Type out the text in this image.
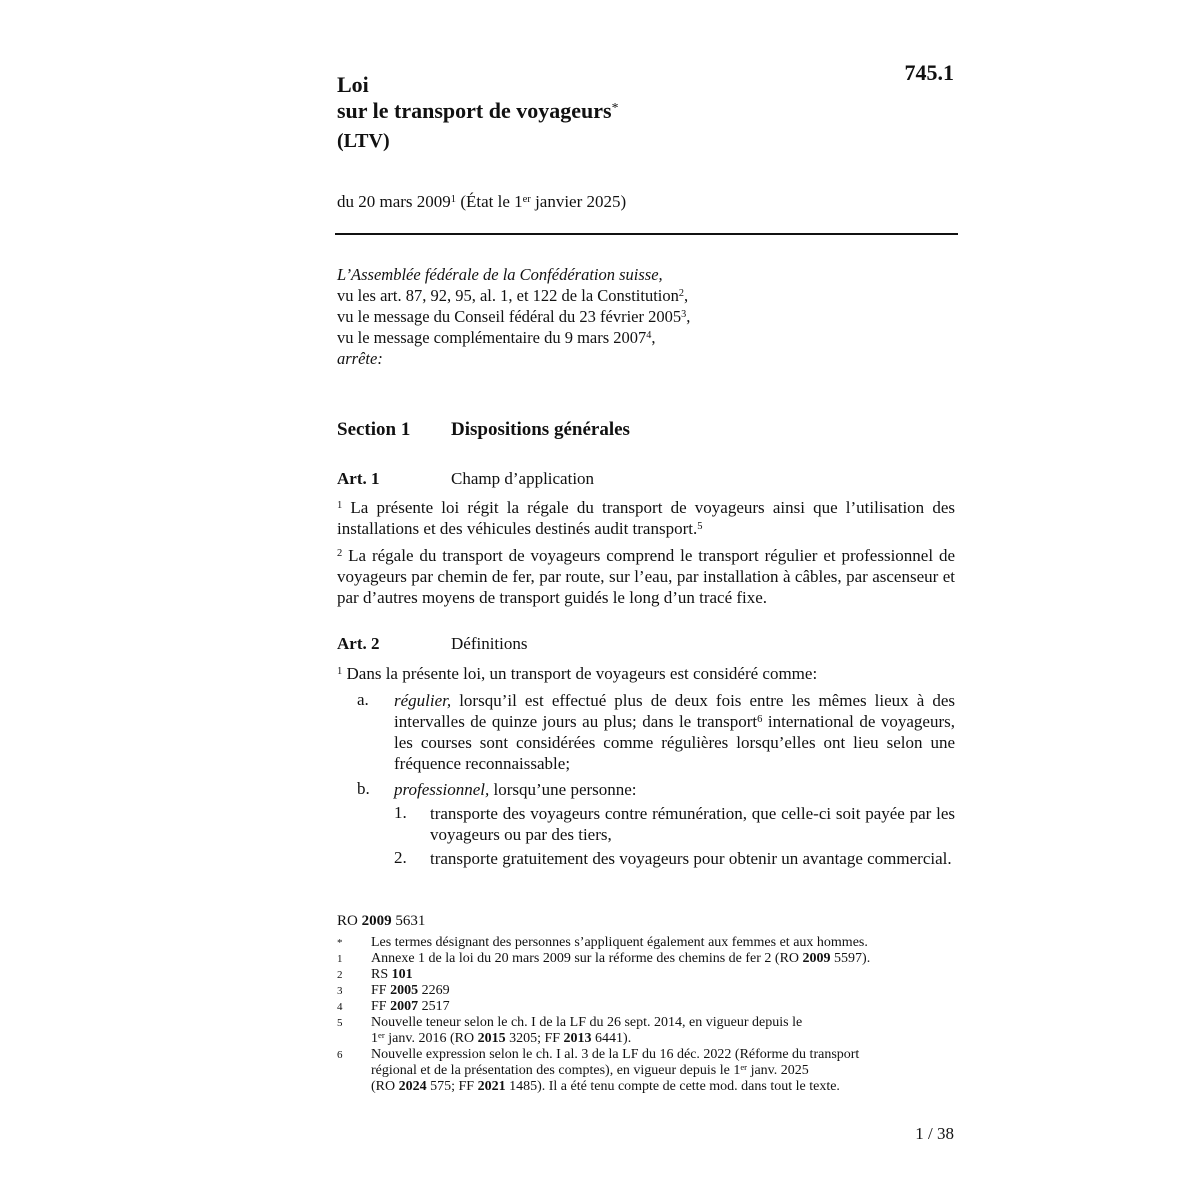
Loi
sur le transport de voyageurs*
(LTV)
745.1
du 20 mars 2009$^1$ (État le 1er janvier 2025)
L’Assemblée fédérale de la Confédération suisse,
vu les art. 87, 92, 95, al. 1, et 122 de la Constitution$^2$,
vu le message du Conseil fédéral du 23 février 2005$^3$,
vu le message complémentaire du 9 mars 2007$^4$,
arrête:
Section 1 Dispositions générales
Art. 1	Champ d’application
$^1$ La présente loi régit la régale du transport de voyageurs ainsi que l’utilisation des installations et des véhicules destinés audit transport.$^5$
$^2$ La régale du transport de voyageurs comprend le transport régulier et professionnel de voyageurs par chemin de fer, par route, sur l’eau, par installation à câbles, par ascenseur et par d’autres moyens de transport guidés le long d’un tracé fixe.
Art. 2	Définitions
$^1$ Dans la présente loi, un transport de voyageurs est considéré comme:
a. régulier, lorsqu’il est effectué plus de deux fois entre les mêmes lieux à des intervalles de quinze jours au plus; dans le transport$^6$ international de voyageurs, les courses sont considérées comme régulières lorsqu’elles ont lieu selon une fréquence reconnaissable;
b. professionnel, lorsqu’une personne:
1. transporte des voyageurs contre rémunération, que celle-ci soit payée par les voyageurs ou par des tiers,
2. transporte gratuitement des voyageurs pour obtenir un avantage commercial.
RO 2009 5631
* Les termes désignant des personnes s’appliquent également aux femmes et aux hommes.
1 Annexe 1 de la loi du 20 mars 2009 sur la réforme des chemins de fer 2 (RO 2009 5597).
2 RS 101
3 FF 2005 2269
4 FF 2007 2517
5 Nouvelle teneur selon le ch. I de la LF du 26 sept. 2014, en vigueur depuis le
1er janv. 2016 (RO 2015 3205; FF 2013 6441).
6 Nouvelle expression selon le ch. I al. 3 de la LF du 16 déc. 2022 (Réforme du transport
régional et de la présentation des comptes), en vigueur depuis le 1er janv. 2025
(RO 2024 575; FF 2021 1485). Il a été tenu compte de cette mod. dans tout le texte.
1 / 38
